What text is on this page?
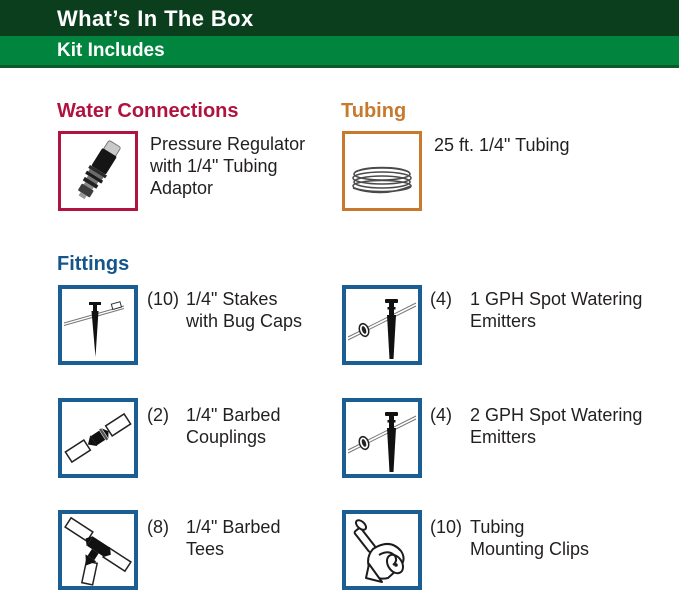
What’s In The Box
Kit Includes
Water Connections
Pressure Regulator
with 1/4" Tubing
Adaptor
Tubing
25 ft. 1/4" Tubing
Fittings
(10) 1/4" Stakes
with Bug Caps
(4) 1 GPH Spot Watering
Emitters
(2) 1/4" Barbed
Couplings
(4) 2 GPH Spot Watering
Emitters
(8) 1/4" Barbed
Tees
(10) Tubing
Mounting Clips
